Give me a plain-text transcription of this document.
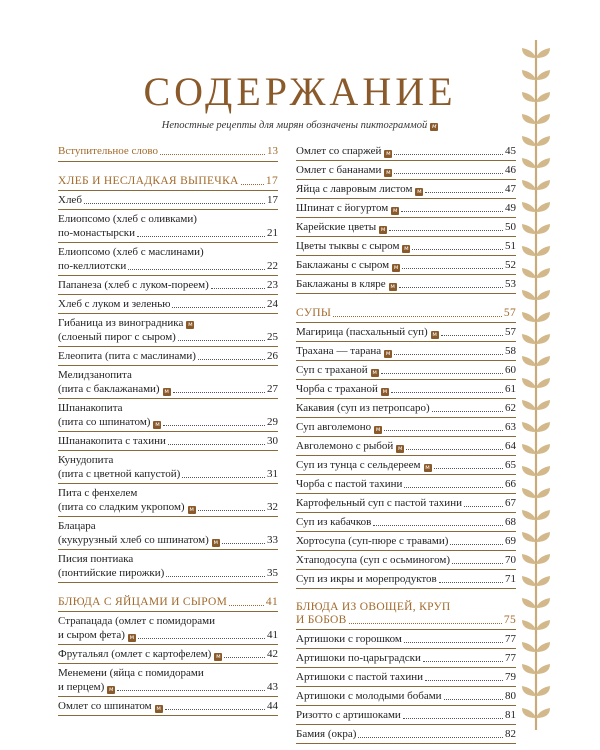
СОДЕРЖАНИЕ
Непостные рецепты для мирян обозначены пиктограммой м
Вступительное слово	13
ХЛЕБ И НЕСЛАДКАЯ ВЫПЕЧКА 17
Хлеб	17
Елиопсомо (хлеб с оливками)
по-монастырски	21
Елиопсомо (хлеб с маслинами)
по-келлиотски	22
Папанеза (хлеб с луком-пореем)	23
Хлеб с луком и зеленью	24
Гибаница из виноградника м
(слоеный пирог с сыром)	25
Елеопита (пита с маслинами)	26
Мелидзанопита
(пита с баклажанами) м	27
Шпанакопита
(пита со шпинатом) м	29
Шпанакопита с тахини	30
Кунудопита
(пита с цветной капустой)	31
Пита с фенхелем
(пита со сладким укропом) м	32
Блацара
(кукурузный хлеб со шпинатом) м	33
Писия понтиака
(понтийские пирожки)	35
БЛЮДА С ЯЙЦАМИ И СЫРОМ	41
Страпацада (омлет с помидорами
и сыром фета) м	41
Фрутальял (омлет с картофелем) м	42
Менемени (яйца с помидорами
и перцем) м	43
Омлет со шпинатом м	44
Омлет со спаржей м	45
Омлет с бананами м	46
Яйца с лавровым листом м	47
Шпинат с йогуртом м	49
Карейские цветы м	50
Цветы тыквы с сыром м	51
Баклажаны с сыром м	52
Баклажаны в кляре м	53
СУПЫ	57
Магирица (пасхальный суп) м	57
Трахана — тарана м	58
Суп с траханой м	60
Чорба с траханой м	61
Какавия (суп из петропсаро)	62
Суп авголемоно м	63
Авголемоно с рыбой м	64
Суп из тунца с сельдереем м	65
Чорба с пастой тахини	66
Картофельный суп с пастой тахини	67
Суп из кабачков	68
Хортосупа (суп-пюре с травами)	69
Хтаподосупа (суп с осьминогом)	70
Суп из икры и морепродуктов	71
БЛЮДА ИЗ ОВОЩЕЙ, КРУП
И БОБОВ	75
Артишоки с горошком	77
Артишоки по-царьградски	77
Артишоки с пастой тахини	79
Артишоки с молодыми бобами	80
Ризотто с артишоками	81
Бамия (окра)	82
